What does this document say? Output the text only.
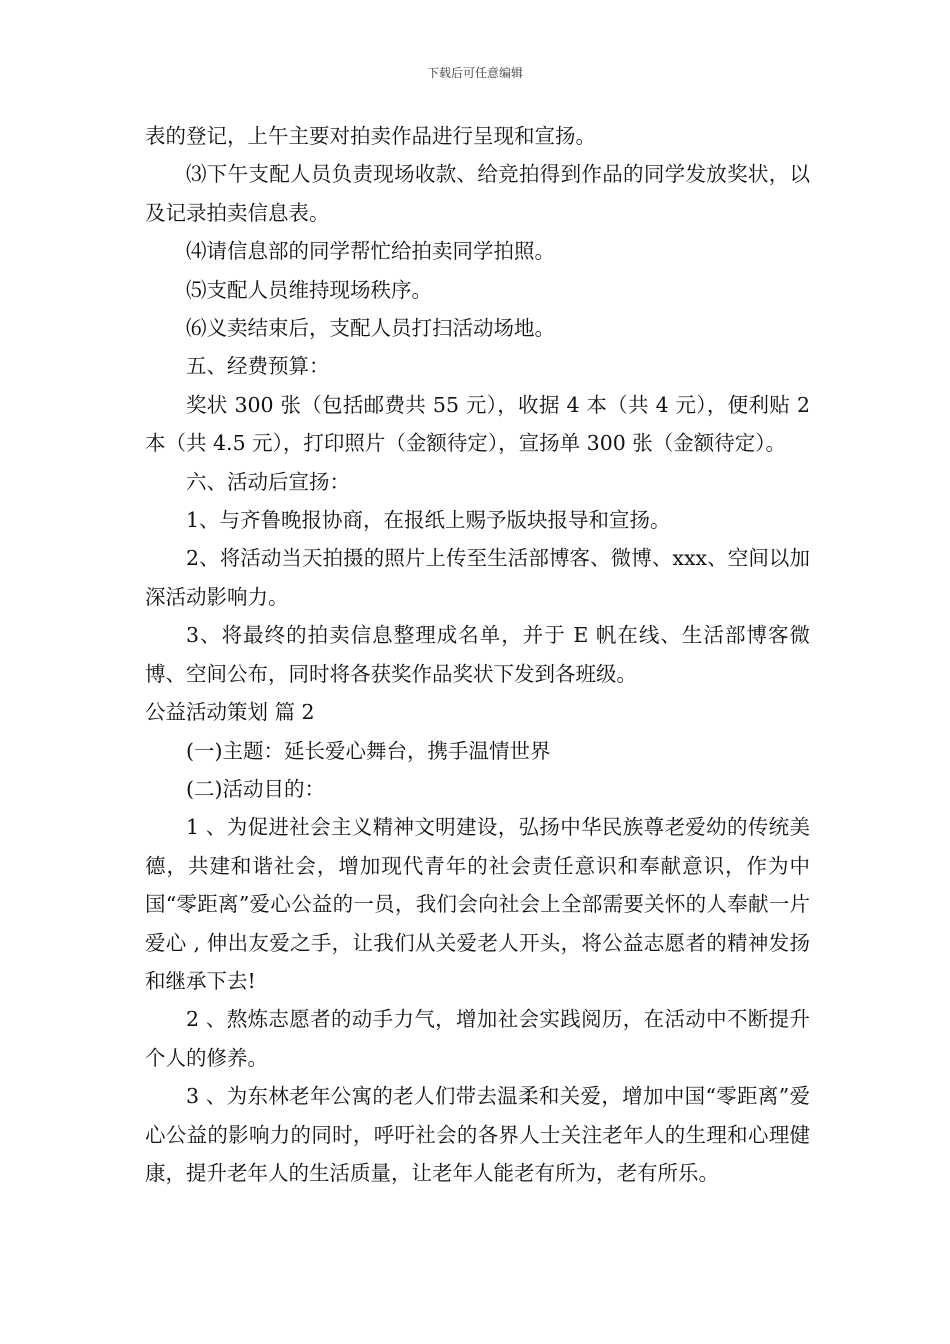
下载后可任意编辑

表的登记，上午主要对拍卖作品进行呈现和宣扬。

⑶下午支配人员负责现场收款、给竞拍得到作品的同学发放奖状，以及记录拍卖信息表。

⑷请信息部的同学帮忙给拍卖同学拍照。

⑸支配人员维持现场秩序。

⑹义卖结束后，支配人员打扫活动场地。

五、经费预算：

奖状 300 张（包括邮费共 55 元），收据 4 本（共 4 元），便利贴 2 本（共 4.5 元），打印照片（金额待定），宣扬单 300 张（金额待定）。

六、活动后宣扬：

1、与齐鲁晚报协商，在报纸上赐予版块报导和宣扬。

2、将活动当天拍摄的照片上传至生活部博客、微博、xxx、空间以加深活动影响力。

3、将最终的拍卖信息整理成名单，并于 E 帆在线、生活部博客微博、空间公布，同时将各获奖作品奖状下发到各班级。

公益活动策划 篇 2

(一)主题：延长爱心舞台，携手温情世界

(二)活动目的：

1 、为促进社会主义精神文明建设，弘扬中华民族尊老爱幼的传统美德，共建和谐社会，增加现代青年的社会责任意识和奉献意识，作为中国“零距离”爱心公益的一员，我们会向社会上全部需要关怀的人奉献一片爱心 , 伸出友爱之手，让我们从关爱老人开头，将公益志愿者的精神发扬和继承下去!

2 、熬炼志愿者的动手力气，增加社会实践阅历，在活动中不断提升个人的修养。

3 、为东林老年公寓的老人们带去温柔和关爱，增加中国“零距离”爱心公益的影响力的同时，呼吁社会的各界人士关注老年人的生理和心理健康，提升老年人的生活质量，让老年人能老有所为，老有所乐。
